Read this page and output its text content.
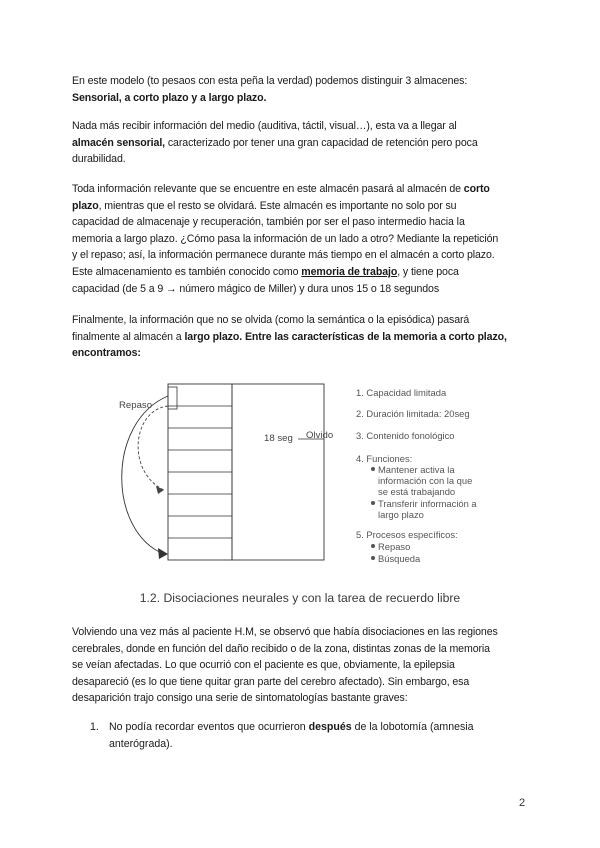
En este modelo (to pesaos con esta peña la verdad) podemos distinguir 3 almacenes:
Sensorial, a corto plazo y a largo plazo.
Nada más recibir información del medio (auditiva, táctil, visual…), esta va a llegar al
almacén sensorial, caracterizado por tener una gran capacidad de retención pero poca
durabilidad.
Toda información relevante que se encuentre en este almacén pasará al almacén de corto
plazo, mientras que el resto se olvidará. Este almacén es importante no solo por su
capacidad de almacenaje y recuperación, también por ser el paso intermedio hacia la
memoria a largo plazo. ¿Cómo pasa la información de un lado a otro? Mediante la repetición
y el repaso; así, la información permanece durante más tiempo en el almacén a corto plazo.
Este almacenamiento es también conocido como memoria de trabajo, y tiene poca
capacidad (de 5 a 9 → número mágico de Miller) y dura unos 15 o 18 segundos
Finalmente, la información que no se olvida (como la semántica o la episódica) pasará
finalmente al almacén a largo plazo. Entre las características de la memoria a corto plazo,
encontramos:
Repaso
18 seg Olvido
1. Capacidad limitada
2. Duración limitada: 20seg
3. Contenido fonológico
4. Funciones:
Mantener activa la
información con la que
se está trabajando
Transferir información a
largo plazo
5. Procesos específicos:
Repaso
Búsqueda
1.2. Disociaciones neurales y con la tarea de recuerdo libre
Volviendo una vez más al paciente H.M, se observó que había disociaciones en las regiones
cerebrales, donde en función del daño recibido o de la zona, distintas zonas de la memoria
se veían afectadas. Lo que ocurrió con el paciente es que, obviamente, la epilepsia
desapareció (es lo que tiene quitar gran parte del cerebro afectado). Sin embargo, esa
desaparición trajo consigo una serie de sintomatologías bastante graves:
1. No podía recordar eventos que ocurrieron después de la lobotomía (amnesia
anterógrada).
2
